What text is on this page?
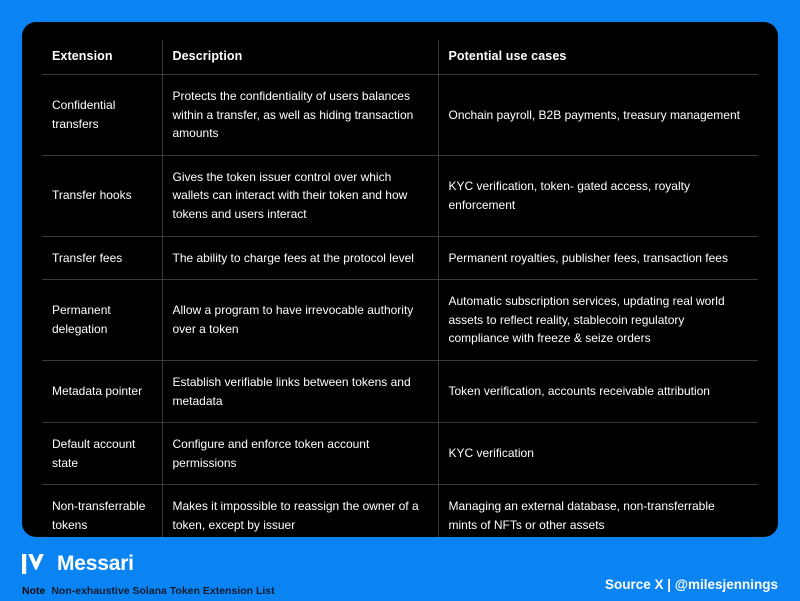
Extension	Description	Potential use cases
Confidential transfers	Protects the confidentiality of users balances within a transfer, as well as hiding transaction amounts	Onchain payroll, B2B payments, treasury management
Transfer hooks	Gives the token issuer control over which wallets can interact with their token and how tokens and users interact	KYC verification, token- gated access, royalty enforcement
Transfer fees	The ability to charge fees at the protocol level	Permanent royalties, publisher fees, transaction fees
Permanent delegation	Allow a program to have irrevocable authority over a token	Automatic subscription services, updating real world assets to reflect reality, stablecoin regulatory compliance with freeze & seize orders
Metadata pointer	Establish verifiable links between tokens and metadata	Token verification, accounts receivable attribution
Default account state	Configure and enforce token account permissions	KYC verification
Non-transferrable tokens	Makes it impossible to reassign the owner of a token, except by issuer	Managing an external database, non-transferrable mints of NFTs or other assets
Messari
Note Non-exhaustive Solana Token Extension List	Source X | @milesjennings
